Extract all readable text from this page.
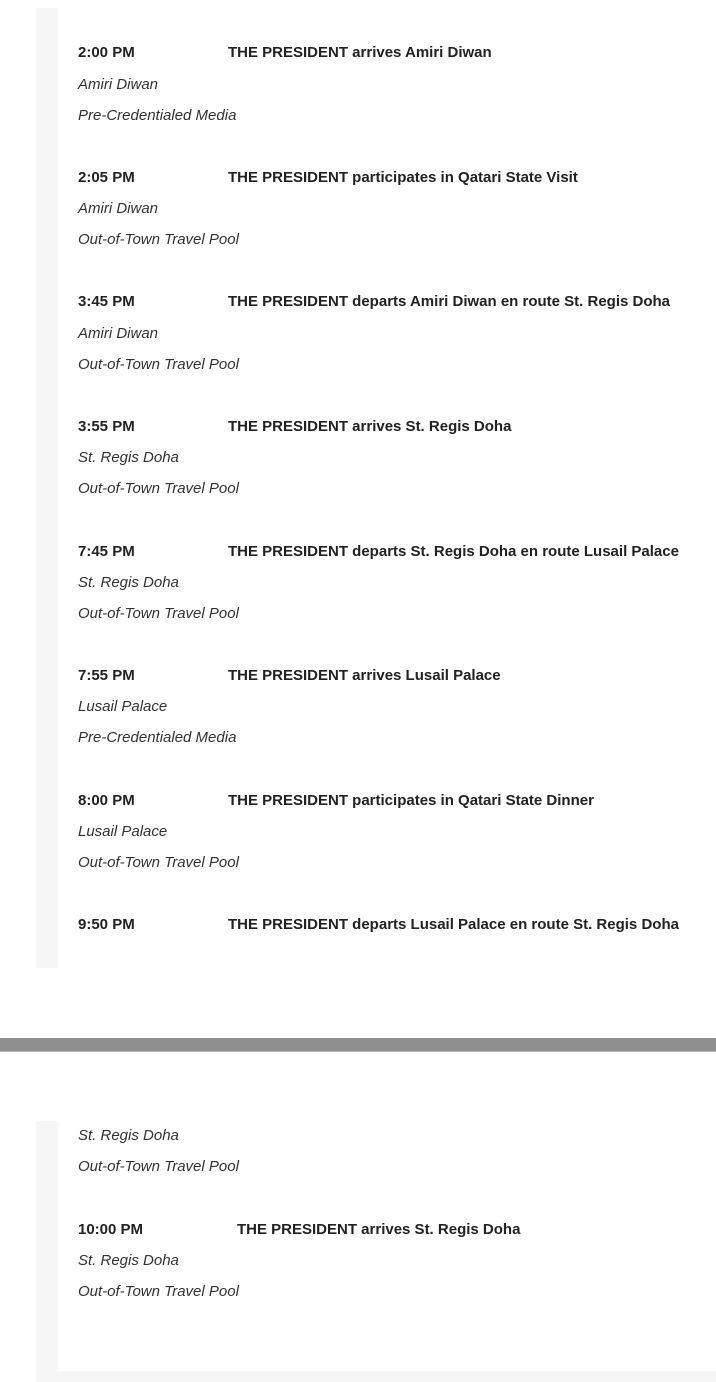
2:00 PM	THE PRESIDENT arrives Amiri Diwan
Amiri Diwan
Pre-Credentialed Media
2:05 PM	THE PRESIDENT participates in Qatari State Visit
Amiri Diwan
Out-of-Town Travel Pool
3:45 PM	THE PRESIDENT departs Amiri Diwan en route St. Regis Doha
Amiri Diwan
Out-of-Town Travel Pool
3:55 PM	THE PRESIDENT arrives St. Regis Doha
St. Regis Doha
Out-of-Town Travel Pool
7:45 PM	THE PRESIDENT departs St. Regis Doha en route Lusail Palace
St. Regis Doha
Out-of-Town Travel Pool
7:55 PM	THE PRESIDENT arrives Lusail Palace
Lusail Palace
Pre-Credentialed Media
8:00 PM	THE PRESIDENT participates in Qatari State Dinner
Lusail Palace
Out-of-Town Travel Pool
9:50 PM	THE PRESIDENT departs Lusail Palace en route St. Regis Doha
St. Regis Doha
Out-of-Town Travel Pool
10:00 PM	THE PRESIDENT arrives St. Regis Doha
St. Regis Doha
Out-of-Town Travel Pool
